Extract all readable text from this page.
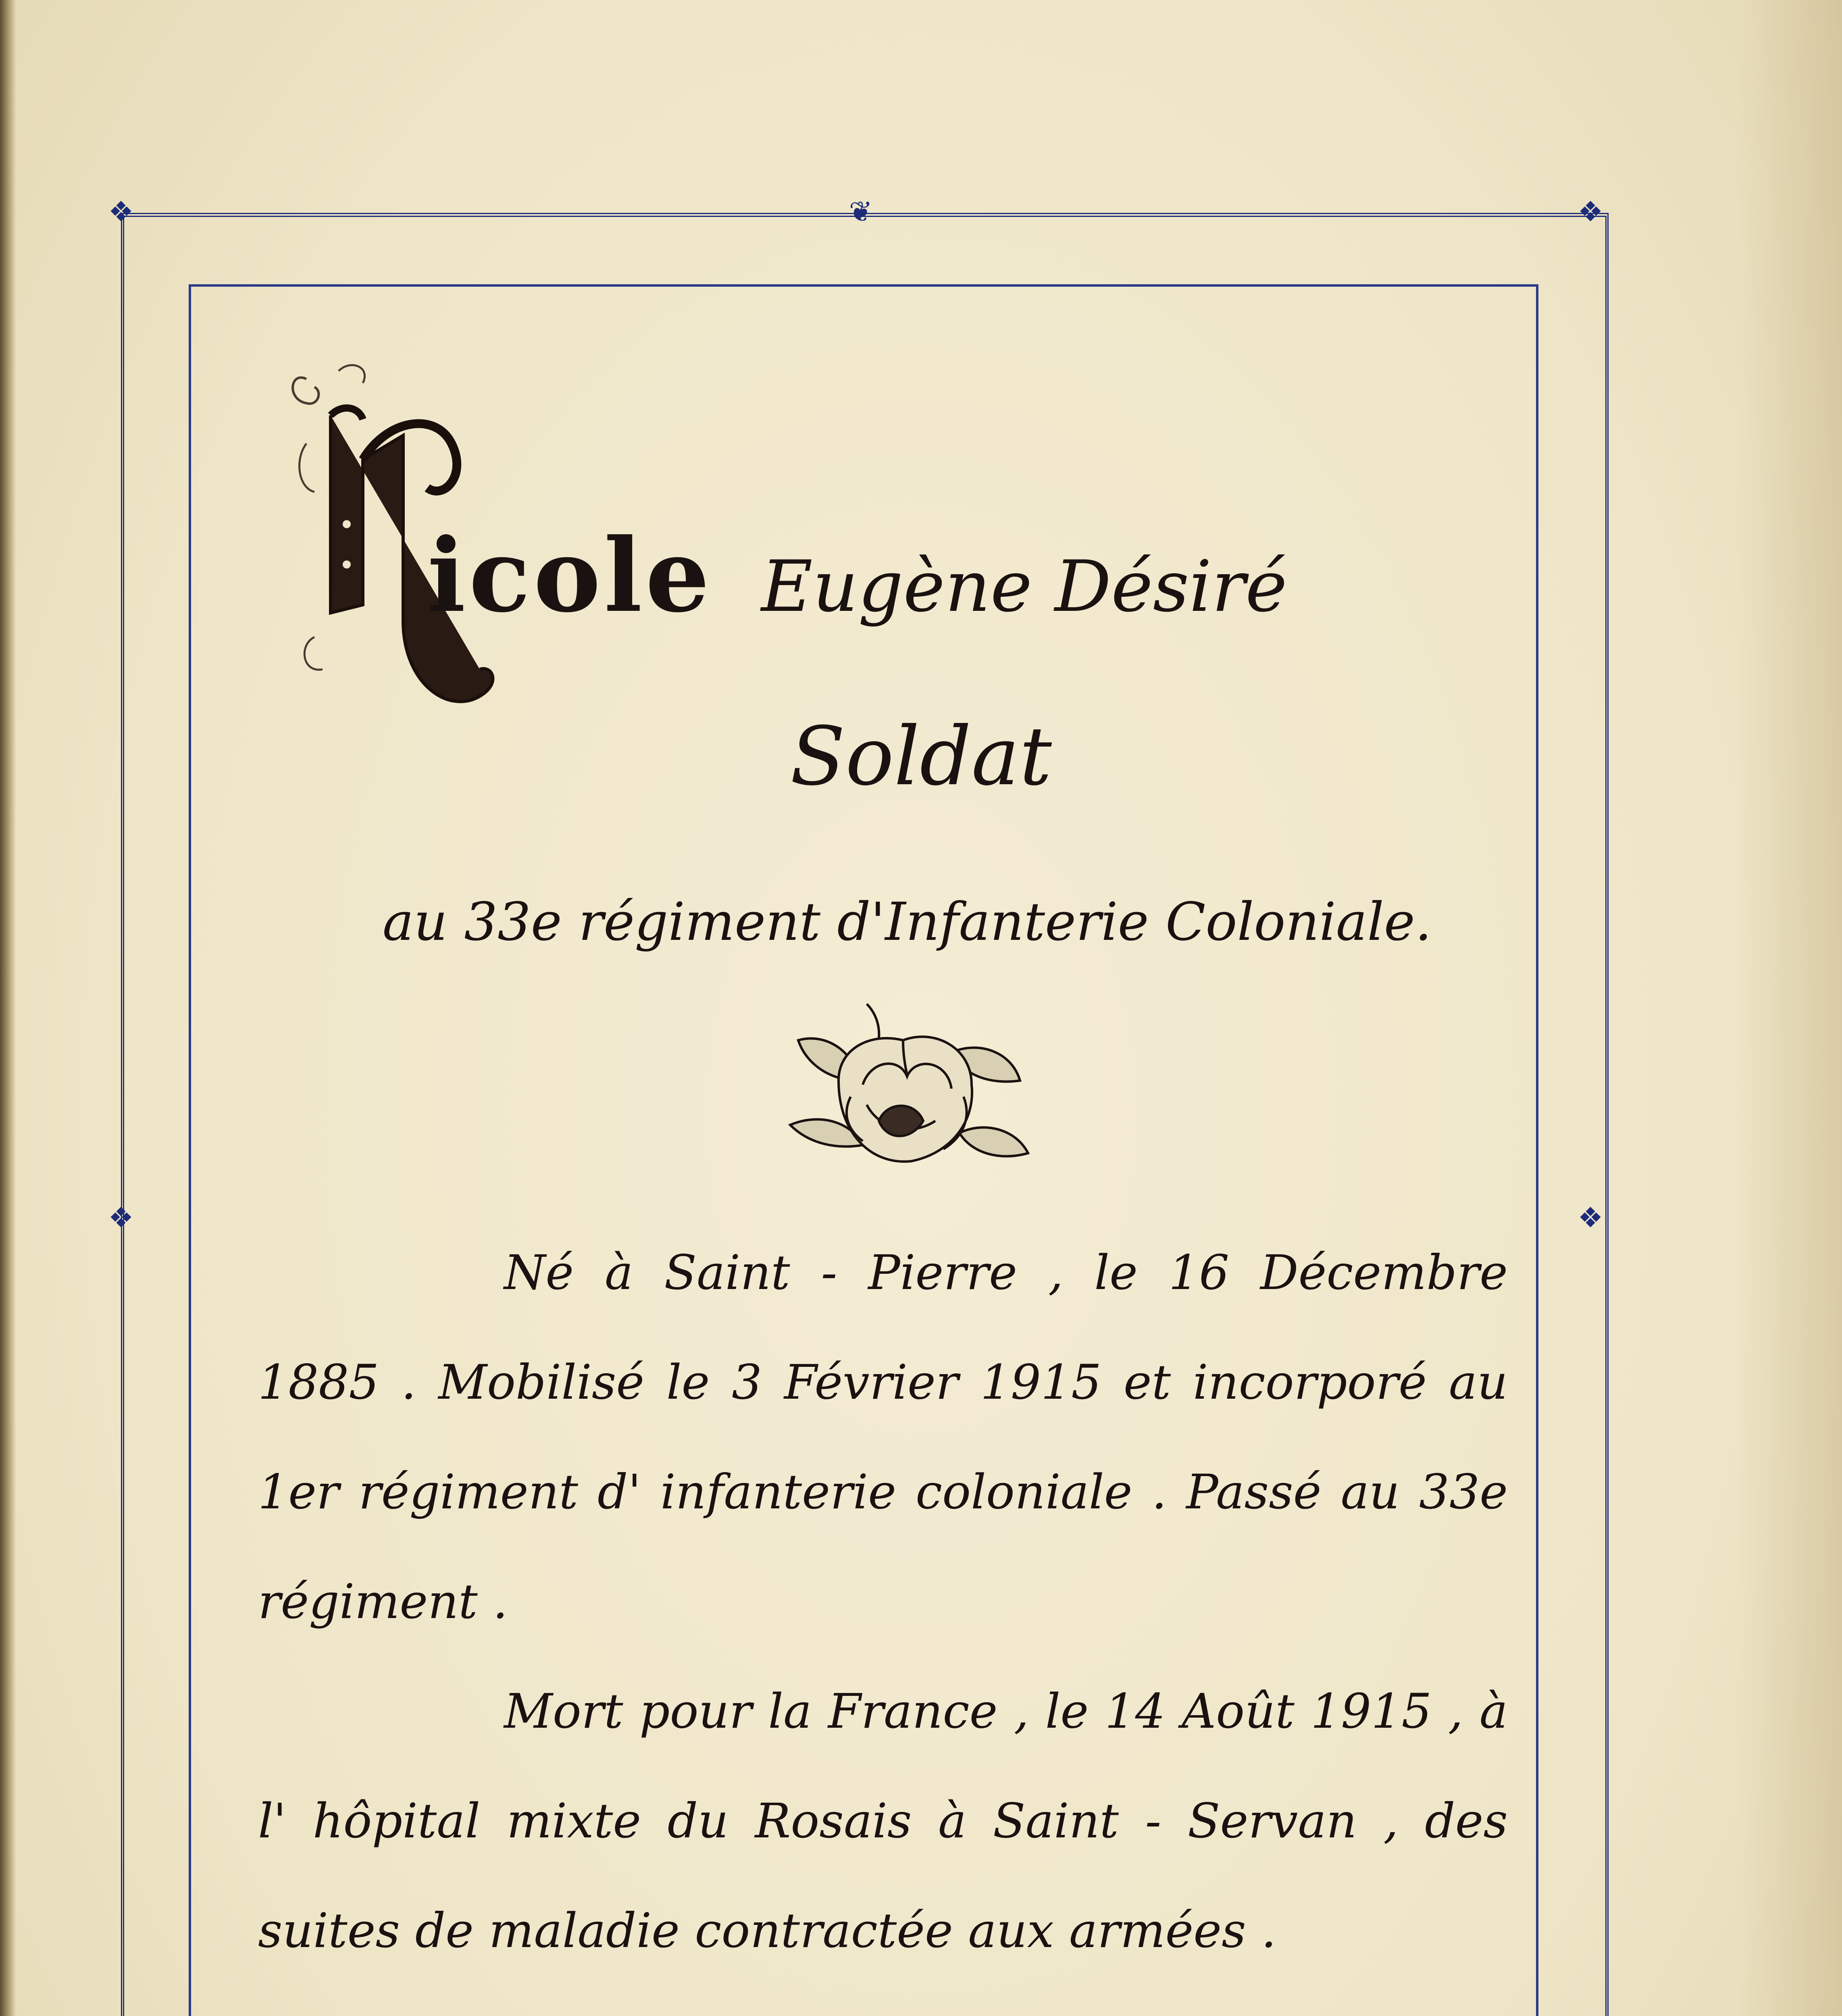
❖	❖
❦
❖	❖
icole Eugène Désiré
Soldat
au 33e régiment d'Infanterie Coloniale.

Né à Saint - Pierre , le 16 Décembre 1885 . Mobilisé le 3 Février 1915 et incorporé au 1er régiment d' infanterie coloniale . Passé au 33e régiment .

Mort pour la France , le 14 Août 1915 , à l' hôpital mixte du Rosais à Saint - Servan , des suites de maladie contractée aux armées .
